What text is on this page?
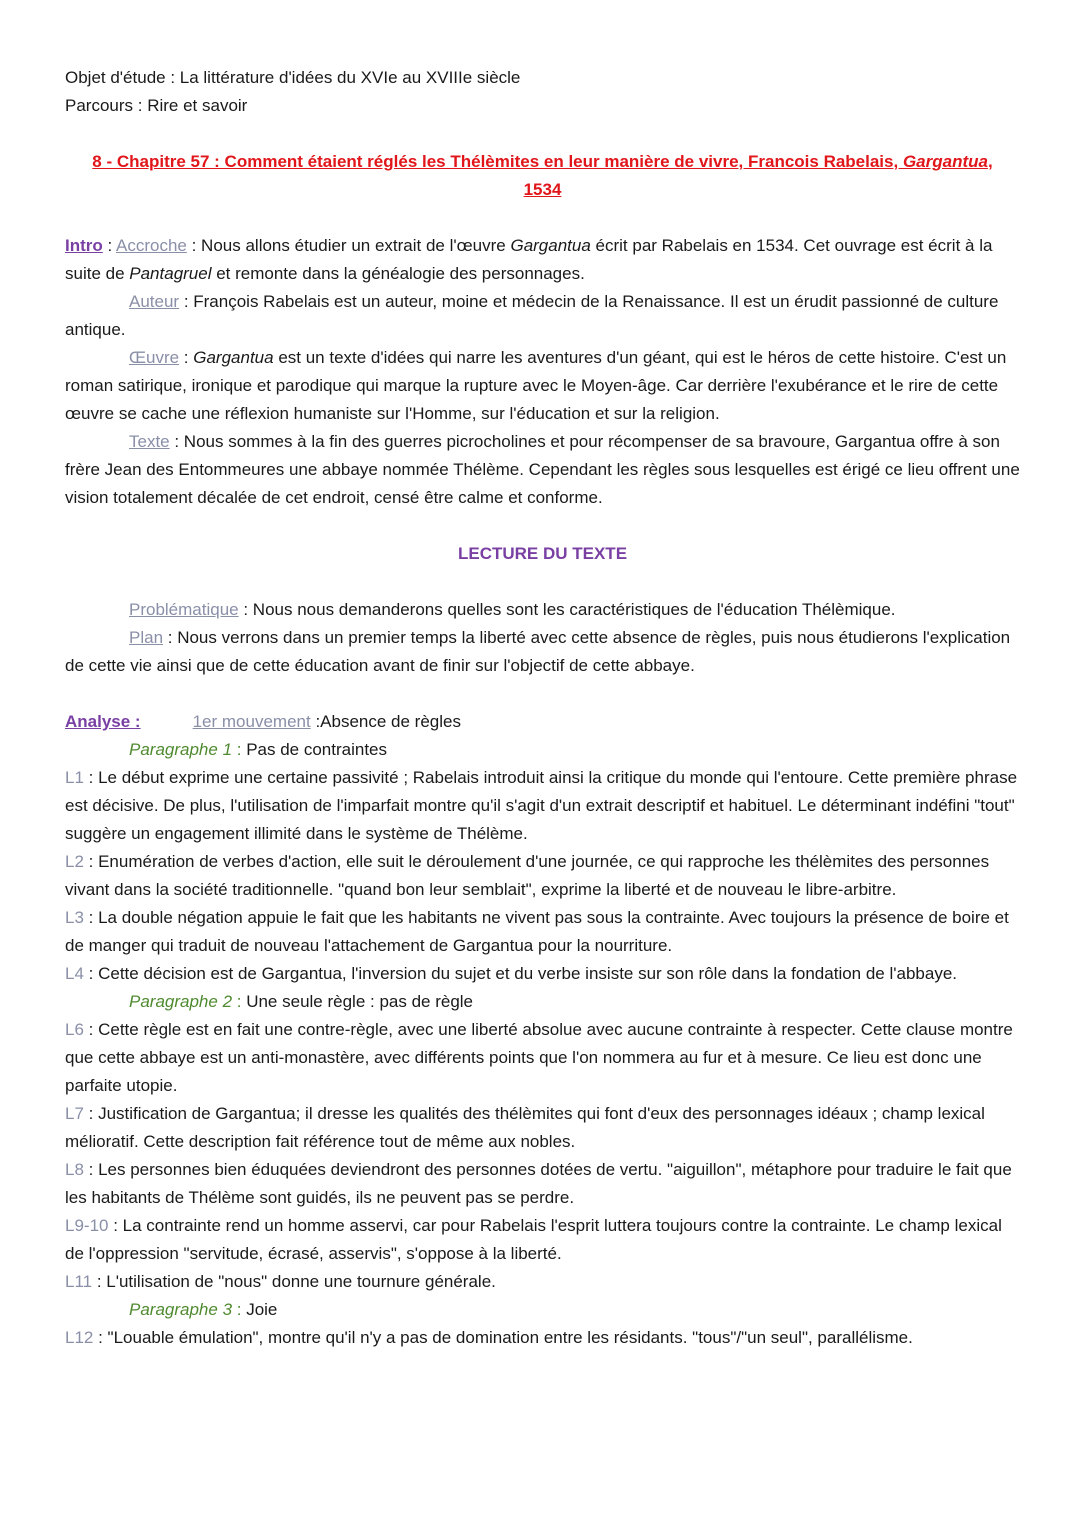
Objet d'étude : La littérature d'idées du XVIe au XVIIIe siècle

Parcours : Rire et savoir

8 - Chapitre 57 : Comment étaient réglés les Thélèmites en leur manière de vivre, Francois Rabelais, Gargantua,
1534

Intro : Accroche : Nous allons étudier un extrait de l'œuvre Gargantua écrit par Rabelais en 1534. Cet ouvrage est écrit à la suite de Pantagruel et remonte dans la généalogie des personnages.

Auteur : François Rabelais est un auteur, moine et médecin de la Renaissance. Il est un érudit passionné de culture antique.

Œuvre : Gargantua est un texte d'idées qui narre les aventures d'un géant, qui est le héros de cette histoire. C'est un roman satirique, ironique et parodique qui marque la rupture avec le Moyen-âge. Car derrière l'exubérance et le rire de cette œuvre se cache une réflexion humaniste sur l'Homme, sur l'éducation et sur la religion.

Texte : Nous sommes à la fin des guerres picrocholines et pour récompenser de sa bravoure, Gargantua offre à son frère Jean des Entommeures une abbaye nommée Thélème. Cependant les règles sous lesquelles est érigé ce lieu offrent une vision totalement décalée de cet endroit, censé être calme et conforme.

LECTURE DU TEXTE

Problématique : Nous nous demanderons quelles sont les caractéristiques de l'éducation Thélèmique.

Plan : Nous verrons dans un premier temps la liberté avec cette absence de règles, puis nous étudierons l'explication de cette vie ainsi que de cette éducation avant de finir sur l'objectif de cette abbaye.

Analyse :	1er mouvement :Absence de règles

Paragraphe 1 : Pas de contraintes

L1 : Le début exprime une certaine passivité ; Rabelais introduit ainsi la critique du monde qui l'entoure. Cette première phrase est décisive. De plus, l'utilisation de l'imparfait montre qu'il s'agit d'un extrait descriptif et habituel. Le déterminant indéfini "tout" suggère un engagement illimité dans le système de Thélème.

L2 : Enumération de verbes d'action, elle suit le déroulement d'une journée, ce qui rapproche les thélèmites des personnes vivant dans la société traditionnelle. "quand bon leur semblait", exprime la liberté et de nouveau le libre-arbitre.

L3 : La double négation appuie le fait que les habitants ne vivent pas sous la contrainte. Avec toujours la présence de boire et de manger qui traduit de nouveau l'attachement de Gargantua pour la nourriture.

L4 : Cette décision est de Gargantua, l'inversion du sujet et du verbe insiste sur son rôle dans la fondation de l'abbaye.

Paragraphe 2 : Une seule règle : pas de règle

L6 : Cette règle est en fait une contre-règle, avec une liberté absolue avec aucune contrainte à respecter. Cette clause montre que cette abbaye est un anti-monastère, avec différents points que l'on nommera au fur et à mesure. Ce lieu est donc une parfaite utopie.

L7 : Justification de Gargantua; il dresse les qualités des thélèmites qui font d'eux des personnages idéaux ; champ lexical mélioratif. Cette description fait référence tout de même aux nobles.

L8 : Les personnes bien éduquées deviendront des personnes dotées de vertu. "aiguillon", métaphore pour traduire le fait que les habitants de Thélème sont guidés, ils ne peuvent pas se perdre.

L9-10 : La contrainte rend un homme asservi, car pour Rabelais l'esprit luttera toujours contre la contrainte. Le champ lexical de l'oppression "servitude, écrasé, asservis", s'oppose à la liberté.

L11 : L'utilisation de "nous" donne une tournure générale.

Paragraphe 3 : Joie

L12 : "Louable émulation", montre qu'il n'y a pas de domination entre les résidants. "tous"/"un seul", parallélisme.
